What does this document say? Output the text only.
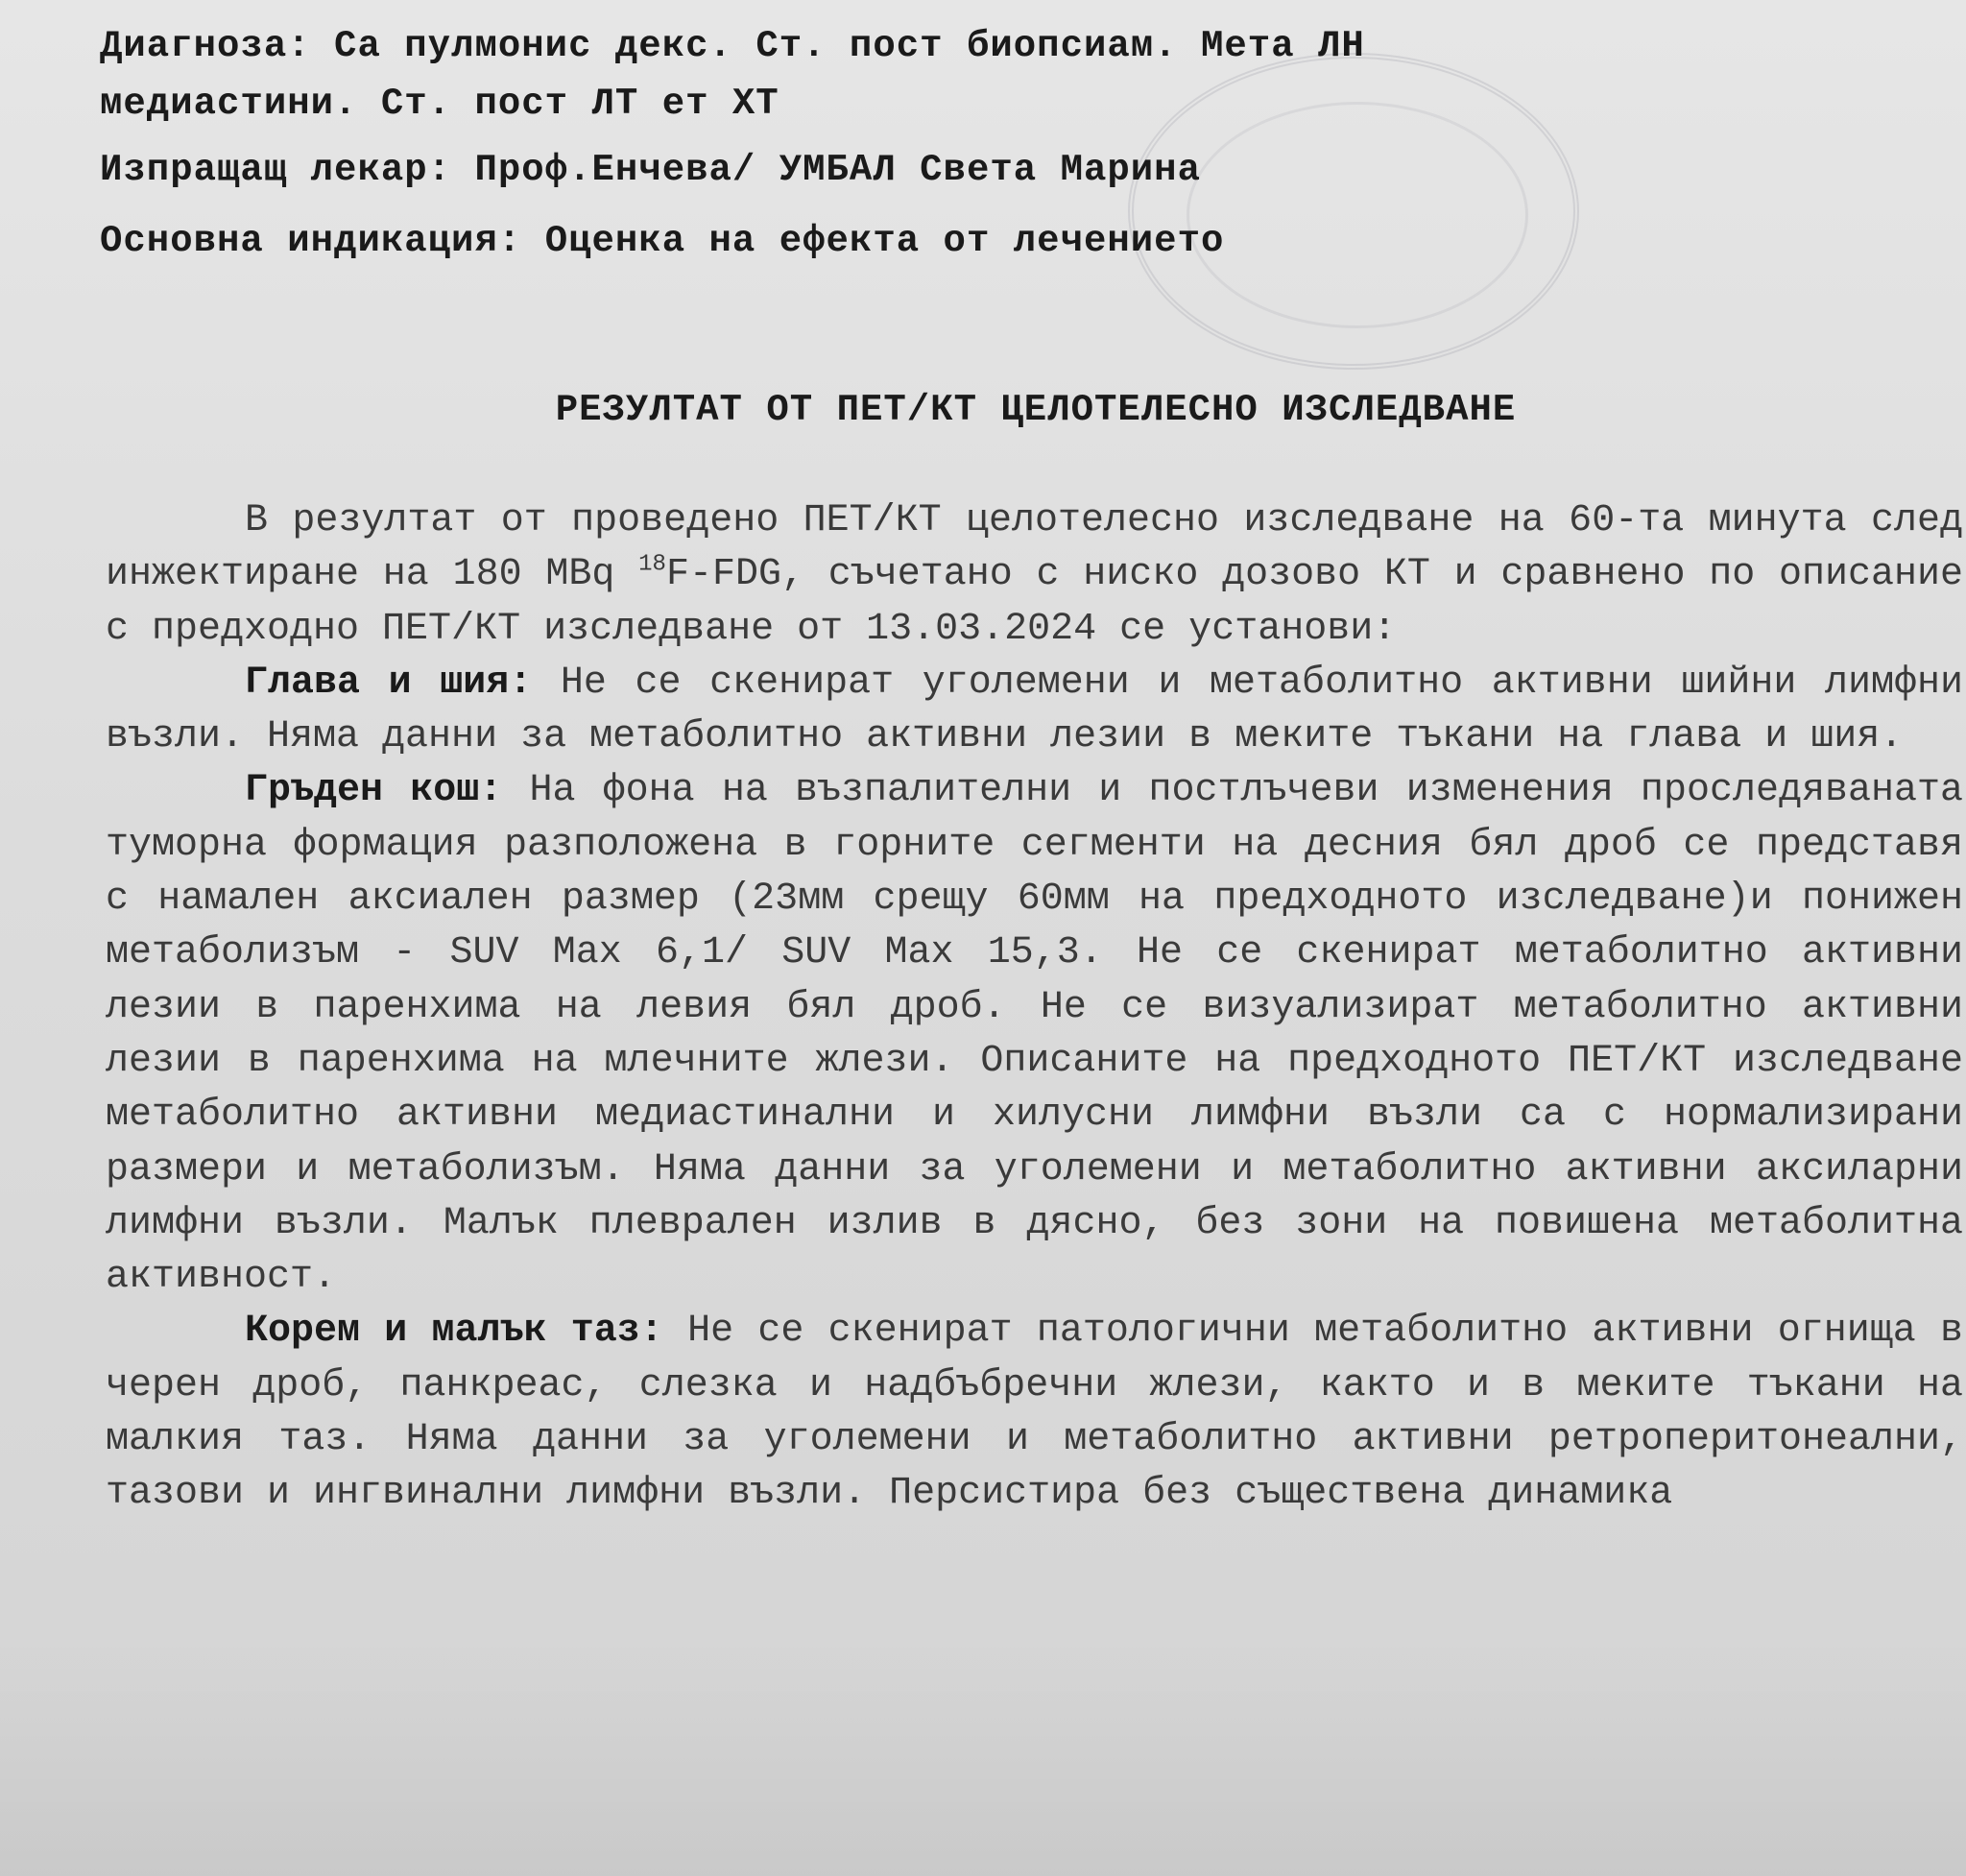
Диагноза: Са пулмонис декс. Ст. пост биопсиам. Мета ЛН
медиастини. Ст. пост ЛТ ет ХТ
Изпращащ лекар: Проф.Енчева/ УМБАЛ Света Марина
Основна индикация: Оценка на ефекта от лечението
РЕЗУЛТАТ ОТ ПЕТ/КТ ЦЕЛОТЕЛЕСНО ИЗСЛЕДВАНЕ

В резултат от проведено ПЕТ/КТ целотелесно изследване на 60-та минута след инжектиране на 180 MBq $^{18}$F-FDG, съчетано с ниско дозово КТ и сравнено по описание с предходно ПЕТ/КТ изследване от 13.03.2024 се установи:

Глава и шия: Не се скенират уголемени и метаболитно активни шийни лимфни възли. Няма данни за метаболитно активни лезии в меките тъкани на глава и шия.

Гръден кош: На фона на възпалителни и постлъчеви изменения проследяваната туморна формация разположена в горните сегменти на десния бял дроб се представя с намален аксиален размер (23мм срещу 60мм на предходното изследване)и понижен метаболизъм - SUV Max 6,1/ SUV Max 15,3. Не се скенират метаболитно активни лезии в паренхима на левия бял дроб. Не се визуализират метаболитно активни лезии в паренхима на млечните жлези. Описаните на предходното ПЕТ/КТ изследване метаболитно активни медиастинални и хилусни лимфни възли са с нормализирани размери и метаболизъм. Няма данни за уголемени и метаболитно активни аксиларни лимфни възли. Малък плеврален излив в дясно, без зони на повишена метаболитна активност.

Корем и малък таз: Не се скенират патологични метаболитно активни огнища в черен дроб, панкреас, слезка и надбъбречни жлези, както и в меките тъкани на малкия таз. Няма данни за уголемени и метаболитно активни ретроперитонеални, тазови и ингвинални лимфни възли. Персистира без съществена динамика
